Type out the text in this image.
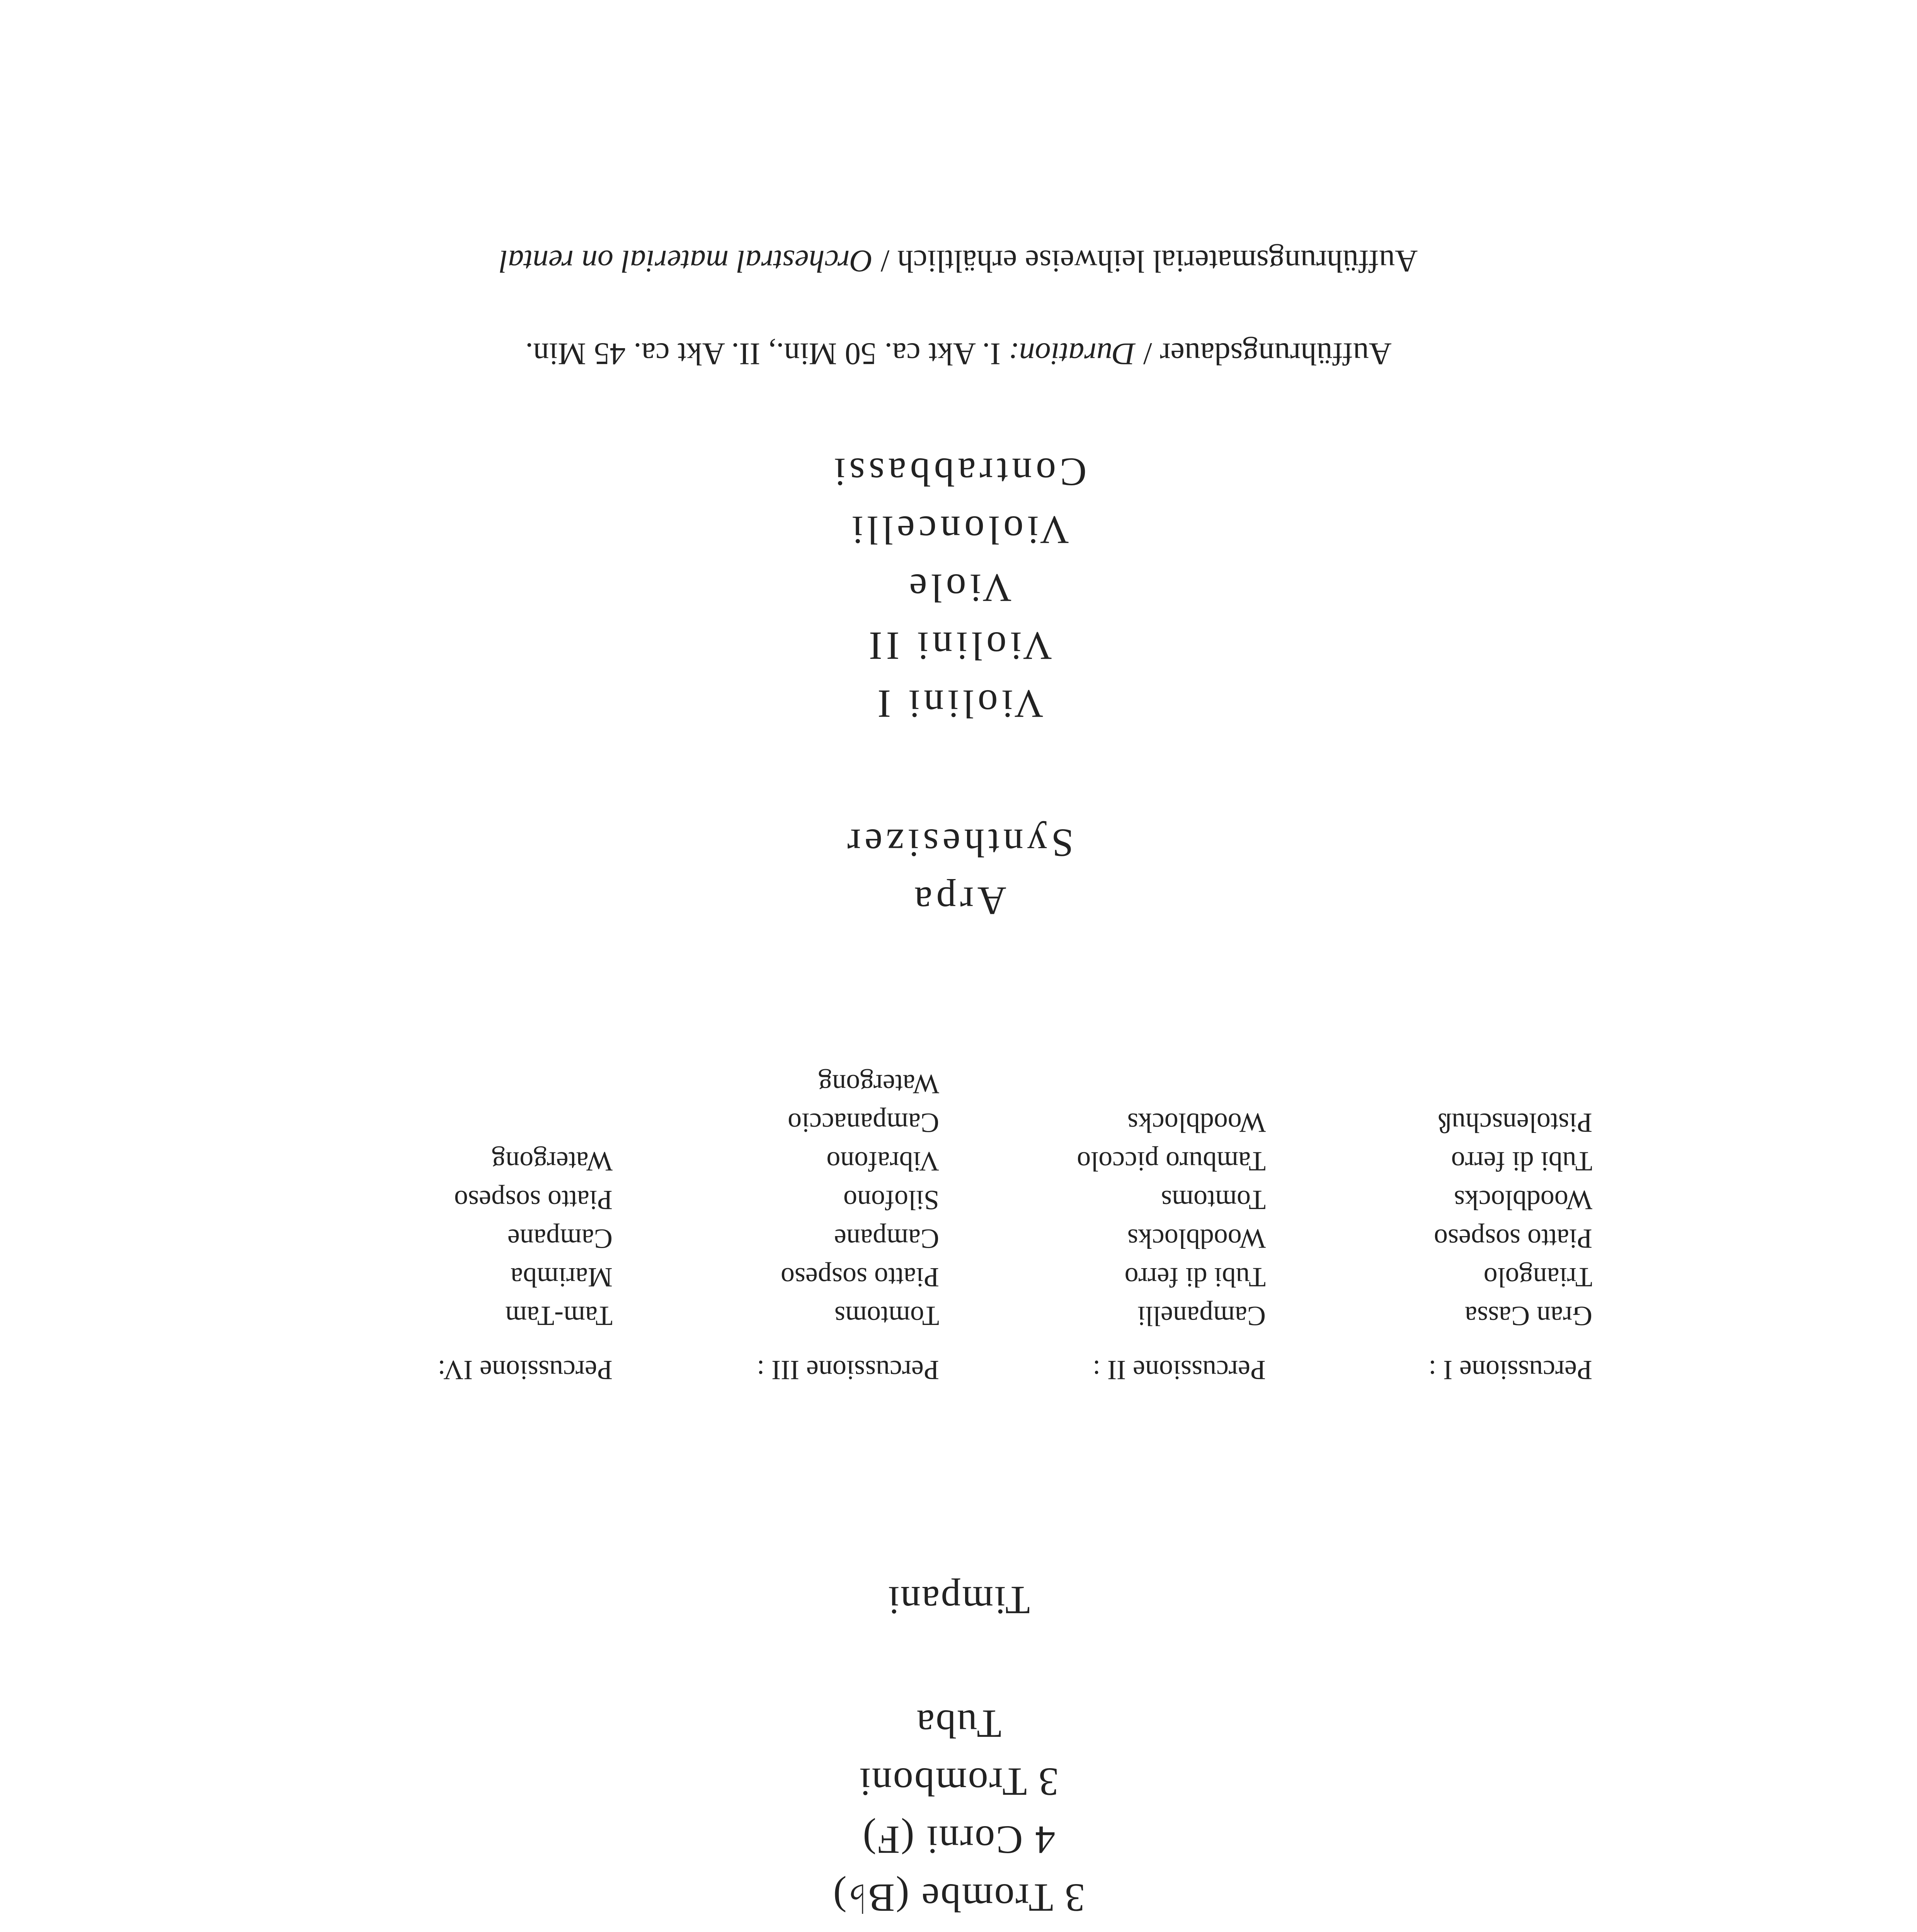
3 Trombe (B♭)
4 Corni (F)
3 Tromboni
Tuba
Timpani
Percussione I :
Gran Cassa
Triangolo
Piatto sospeso
Woodblocks
Tubi di ferro
Pistolenschuß
Percussione II :
Campanelli
Tubi di ferro
Woodblocks
Tomtoms
Tamburo piccolo
Woodblocks
Percussione III :
Tomtoms
Piatto sospeso
Campane
Silofono
Vibrafono
Campanaccio
Watergong
Percussione IV:
Tam-Tam
Marimba
Campane
Piatto sospeso
Watergong
Arpa
Synthesizer
Violini I
Violini II
Viole
Violoncelli
Contrabbassi
Aufführungsdauer / Duration: I. Akt ca. 50 Min., II. Akt ca. 45 Min.
Aufführungsmaterial leihweise erhältlich / Orchestral material on rental
